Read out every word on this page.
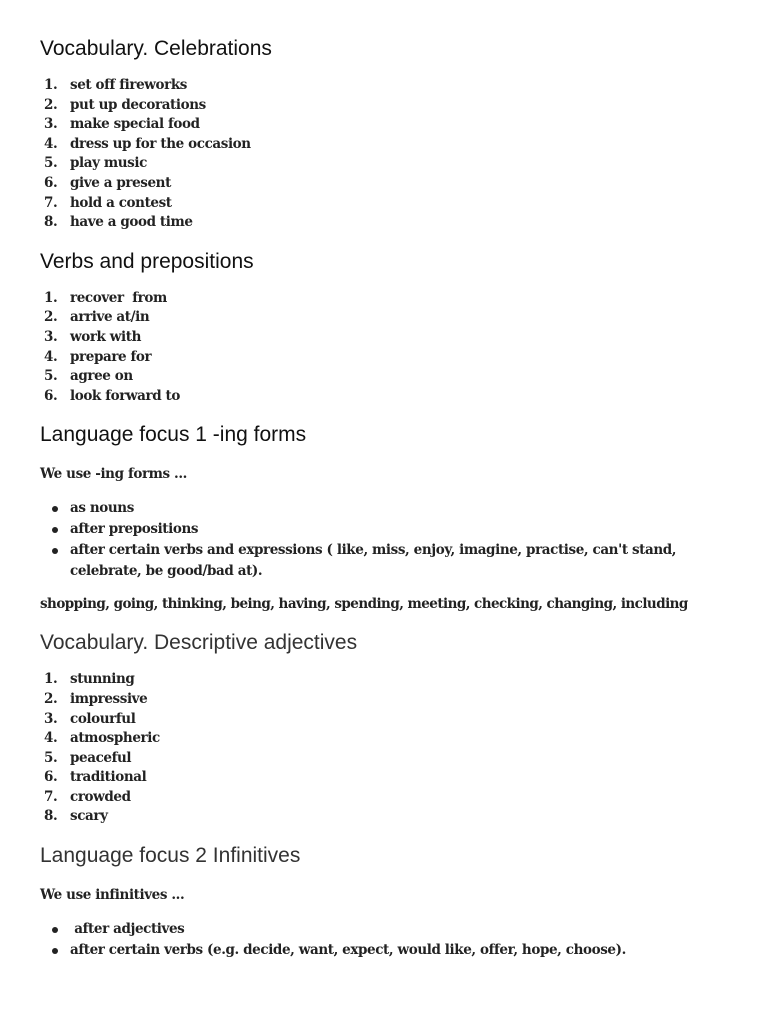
Vocabulary. Celebrations
1. set off fireworks
2. put up decorations
3. make special food
4. dress up for the occasion
5. play music
6. give a present
7. hold a contest
8. have a good time
Verbs and prepositions
1. recover  from
2. arrive at/in
3. work with
4. prepare for
5. agree on
6. look forward to
Language focus 1 -ing forms

We use -ing forms ...

as nouns
after prepositions
after certain verbs and expressions ( like, miss, enjoy, imagine, practise, can't stand, celebrate, be good/bad at).

shopping, going, thinking, being, having, spending, meeting, checking, changing, including

Vocabulary. Descriptive adjectives
1. stunning
2. impressive
3. colourful
4. atmospheric
5. peaceful
6. traditional
7. crowded
8. scary
Language focus 2 Infinitives

We use infinitives ...

after adjectives
after certain verbs (e.g. decide, want, expect, would like, offer, hope, choose).
